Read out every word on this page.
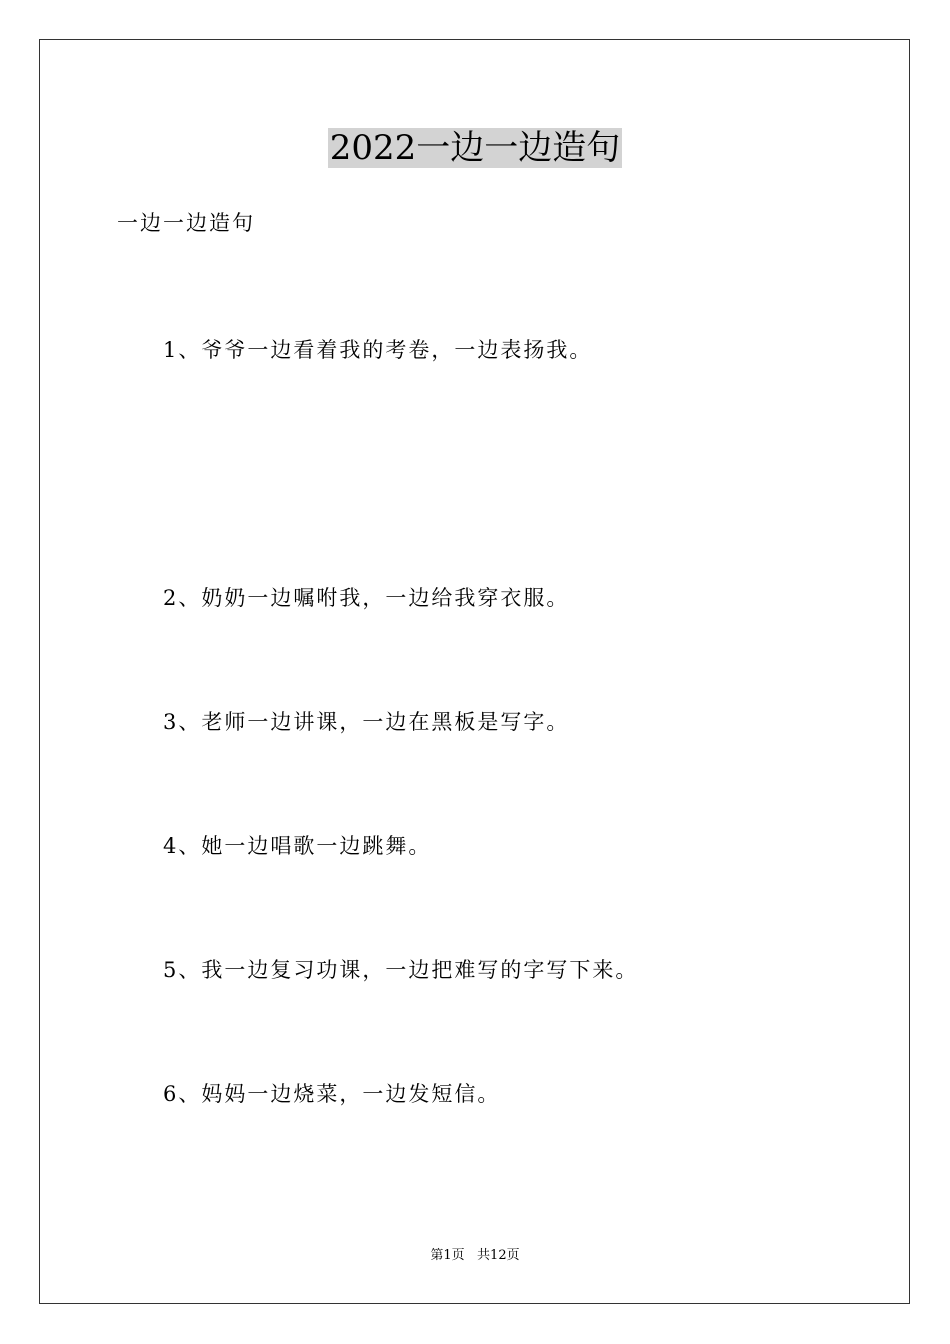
2022一边一边造句
一边一边造句
1、爷爷一边看着我的考卷，一边表扬我。
2、奶奶一边嘱咐我，一边给我穿衣服。
3、老师一边讲课，一边在黑板是写字。
4、她一边唱歌一边跳舞。
5、我一边复习功课，一边把难写的字写下来。
6、妈妈一边烧菜，一边发短信。
第1页   共12页
